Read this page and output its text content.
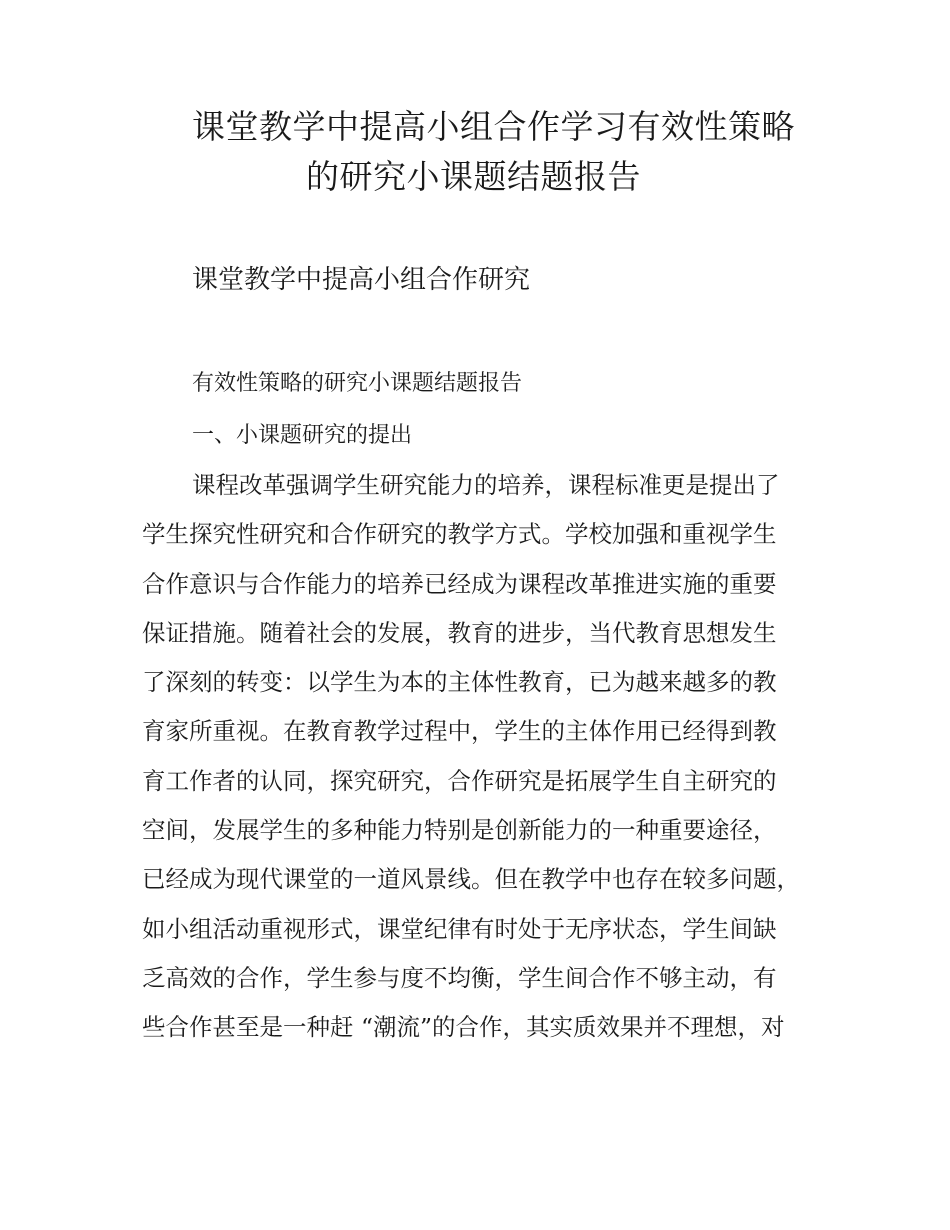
课堂教学中提高小组合作学习有效性策略
的研究小课题结题报告
课堂教学中提高小组合作研究
有效性策略的研究小课题结题报告
一、小课题研究的提出
课程改革强调学生研究能力的培养，课程标准更是提出了
学生探究性研究和合作研究的教学方式。学校加强和重视学生
合作意识与合作能力的培养已经成为课程改革推进实施的重要
保证措施。随着社会的发展，教育的进步，当代教育思想发生
了深刻的转变：以学生为本的主体性教育，已为越来越多的教
育家所重视。在教育教学过程中，学生的主体作用已经得到教
育工作者的认同，探究研究，合作研究是拓展学生自主研究的
空间，发展学生的多种能力特别是创新能力的一种重要途径，
已经成为现代课堂的一道风景线。但在教学中也存在较多问题，
如小组活动重视形式，课堂纪律有时处于无序状态，学生间缺
乏高效的合作，学生参与度不均衡，学生间合作不够主动，有
些合作甚至是一种赶 “潮流”的合作，其实质效果并不理想，对
